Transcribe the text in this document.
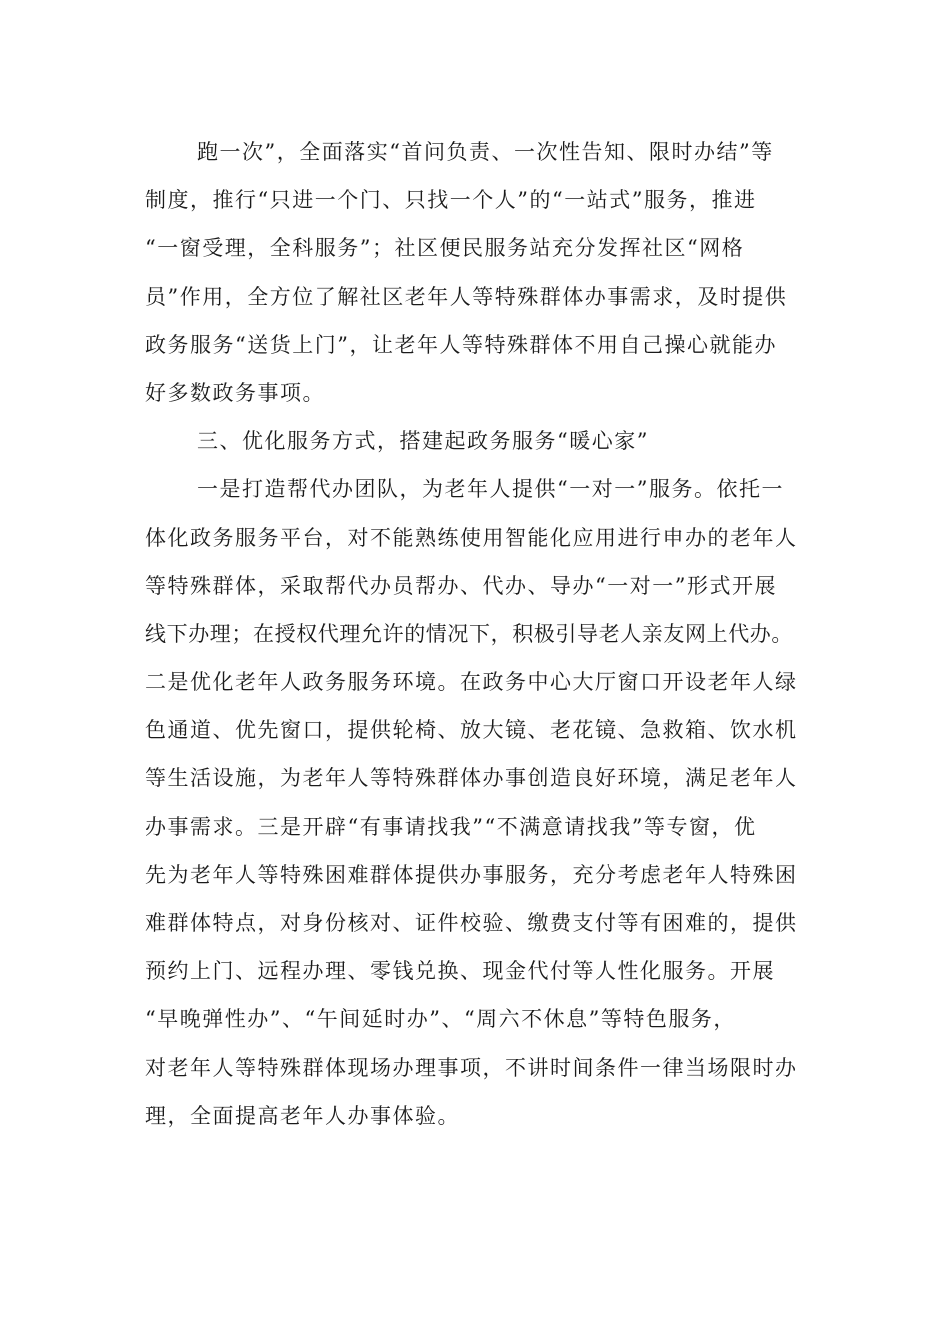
跑一次”，全面落实“首问负责、一次性告知、限时办结”等
制度，推行“只进一个门、只找一个人”的“一站式”服务，推进
“一窗受理，全科服务”；社区便民服务站充分发挥社区“网格
员”作用，全方位了解社区老年人等特殊群体办事需求，及时提供
政务服务“送货上门”，让老年人等特殊群体不用自己操心就能办
好多数政务事项。
三、优化服务方式，搭建起政务服务“暖心家”
一是打造帮代办团队，为老年人提供“一对一”服务。依托一
体化政务服务平台，对不能熟练使用智能化应用进行申办的老年人
等特殊群体，采取帮代办员帮办、代办、导办“一对一”形式开展
线下办理；在授权代理允许的情况下，积极引导老人亲友网上代办。
二是优化老年人政务服务环境。在政务中心大厅窗口开设老年人绿
色通道、优先窗口，提供轮椅、放大镜、老花镜、急救箱、饮水机
等生活设施，为老年人等特殊群体办事创造良好环境，满足老年人
办事需求。三是开辟“有事请找我”“不满意请找我”等专窗，优
先为老年人等特殊困难群体提供办事服务，充分考虑老年人特殊困
难群体特点，对身份核对、证件校验、缴费支付等有困难的，提供
预约上门、远程办理、零钱兑换、现金代付等人性化服务。开展
“早晚弹性办”、“午间延时办”、“周六不休息”等特色服务，
对老年人等特殊群体现场办理事项，不讲时间条件一律当场限时办
理，全面提高老年人办事体验。
